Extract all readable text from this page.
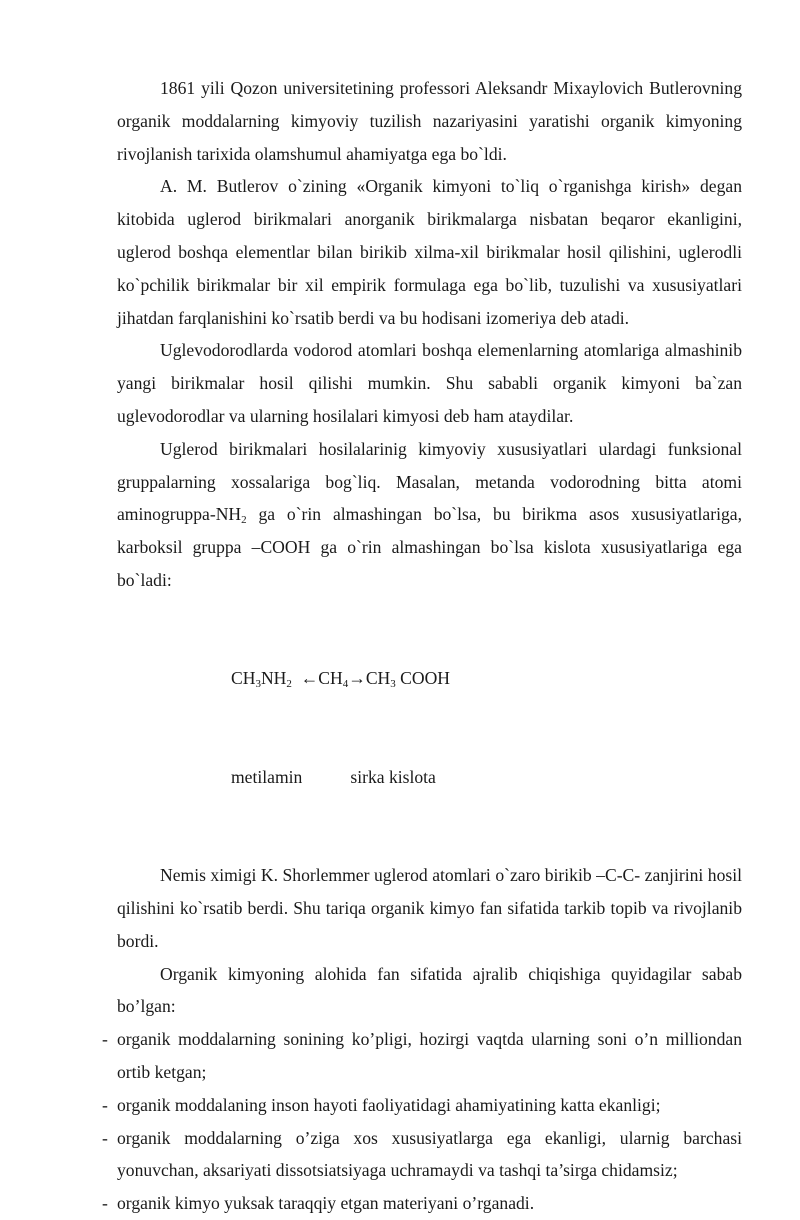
1861 yili Qozon universitetining professori Aleksandr Mixaylovich Butlerovning organik moddalarning kimyoviy tuzilish nazariyasini yaratishi organik kimyoning rivojlanish tarixida olamshumul ahamiyatga ega bo`ldi.

A. M. Butlerov o`zining «Organik kimyoni to`liq o`rganishga kirish» degan kitobida uglerod birikmalari anorganik birikmalarga nisbatan beqaror ekanligini, uglerod boshqa elementlar bilan birikib xilma-xil birikmalar hosil qilishini, uglerodli ko`pchilik birikmalar bir xil empirik formulaga ega bo`lib, tuzulishi va xususiyatlari jihatdan farqlanishini ko`rsatib berdi va bu hodisani izomeriya deb atadi.

Uglevodorodlarda vodorod atomlari boshqa elemenlarning atomlariga almashinib yangi birikmalar hosil qilishi mumkin. Shu sababli organik kimyoni ba`zan uglevodorodlar va ularning hosilalari kimyosi deb ham ataydilar.

Uglerod birikmalari hosilalarinig kimyoviy xususiyatlari ulardagi funksional gruppalarning xossalariga bog`liq. Masalan, metanda vodorodning bitta atomi aminogruppa-$NH_2$ ga o`rin almashingan bo`lsa, bu birikma asos xususiyatlariga, karboksil gruppa –COOH ga o`rin almashingan bo`lsa kislota xususiyatlariga ega bo`ladi:

$CH_3NH_2$  $\leftarrow CH_4\to CH_3$ COOH

metilamin	sirka kislota

Nemis ximigi K. Shorlemmer uglerod atomlari o`zaro birikib –C-C- zanjirini hosil qilishini ko`rsatib berdi. Shu tariqa organik kimyo fan sifatida tarkib topib va rivojlanib bordi.

Organik kimyoning alohida fan sifatida ajralib chiqishiga quyidagilar sabab bo’lgan:

- organik moddalarning sonining ko’pligi, hozirgi vaqtda ularning soni o’n milliondan ortib ketgan;
- organik moddalaning inson hayoti faoliyatidagi ahamiyatining katta ekanligi;
- organik moddalarning o’ziga xos xususiyatlarga ega ekanligi, ularnig barchasi yonuvchan, aksariyati dissotsiatsiyaga uchramaydi va tashqi ta’sirga chidamsiz;
- organik kimyo yuksak taraqqiy etgan materiyani o’rganadi.
